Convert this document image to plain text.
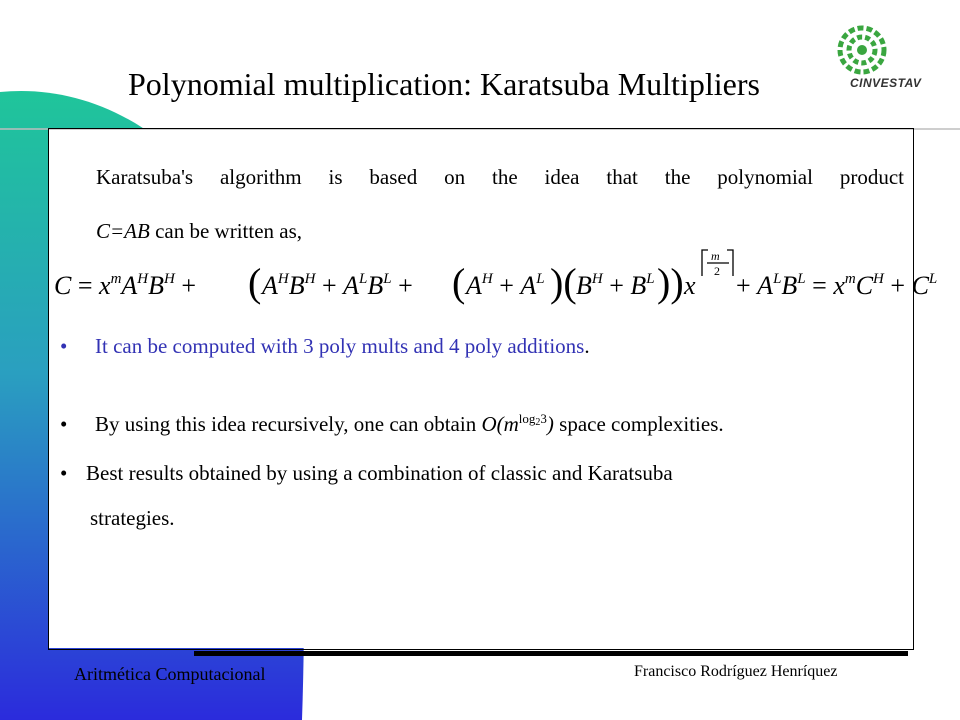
CINVESTAV
Polynomial multiplication: Karatsuba Multipliers
Karatsuba's algorithm is based on the idea that the polynomial product
C=AB can be written as,
$C = x^mA^HB^H$ + ( $A^HB^H + A^LB^L$ + ( $A^H + A^L$ )( $B^H + B^L$ )) x
m
$2 + A^LB^L = x^mC^H + C^L$
• It can be computed with 3 poly mults and 4 poly additions.
• By using this idea recursively, one can obtain $O(m^{log23})$ space complexities.
• Best results obtained by using a combination of classic and Karatsuba
strategies.
Aritmética Computacional	Francisco Rodríguez Henríquez
